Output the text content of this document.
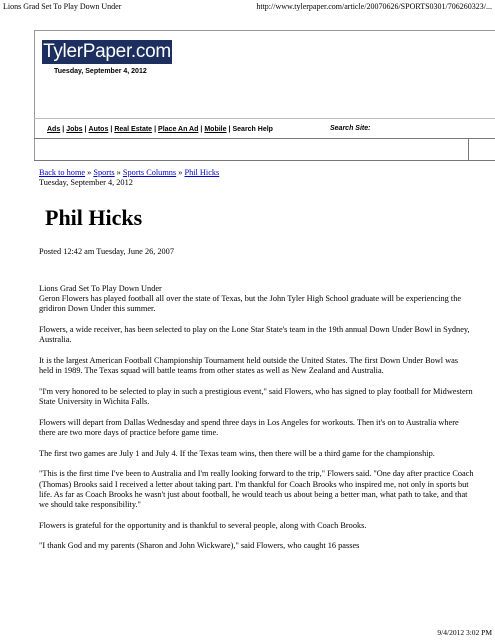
Lions Grad Set To Play Down Under	http://www.tylerpaper.com/article/20070626/SPORTS0301/706260323/...
TylerPaper.com
Tuesday, September 4, 2012
Ads | Jobs | Autos | Real Estate | Place An Ad | Mobile | Search Help	Search Site:
Back to home » Sports » Sports Columns » Phil Hicks
Tuesday, September 4, 2012
Phil Hicks
Posted 12:42 am Tuesday, June 26, 2007

Lions Grad Set To Play Down Under

Geron Flowers has played football all over the state of Texas, but the John Tyler High School graduate will be experiencing the gridiron Down Under this summer.

Flowers, a wide receiver, has been selected to play on the Lone Star State's team in the 19th annual Down Under Bowl in Sydney, Australia.

It is the largest American Football Championship Tournament held outside the United States. The first Down Under Bowl was held in 1989. The Texas squad will battle teams from other states as well as New Zealand and Australia.

"I'm very honored to be selected to play in such a prestigious event," said Flowers, who has signed to play football for Midwestern State University in Wichita Falls.

Flowers will depart from Dallas Wednesday and spend three days in Los Angeles for workouts. Then it's on to Australia where there are two more days of practice before game time.

The first two games are July 1 and July 4. If the Texas team wins, then there will be a third game for the championship.

"This is the first time I've been to Australia and I'm really looking forward to the trip," Flowers said. "One day after practice Coach (Thomas) Brooks said I received a letter about taking part. I'm thankful for Coach Brooks who inspired me, not only in sports but life. As far as Coach Brooks he wasn't just about football, he would teach us about being a better man, what path to take, and that we should take responsibility."

Flowers is grateful for the opportunity and is thankful to several people, along with Coach Brooks.

"I thank God and my parents (Sharon and John Wickware)," said Flowers, who caught 16 passes

9/4/2012 3:02 PM
